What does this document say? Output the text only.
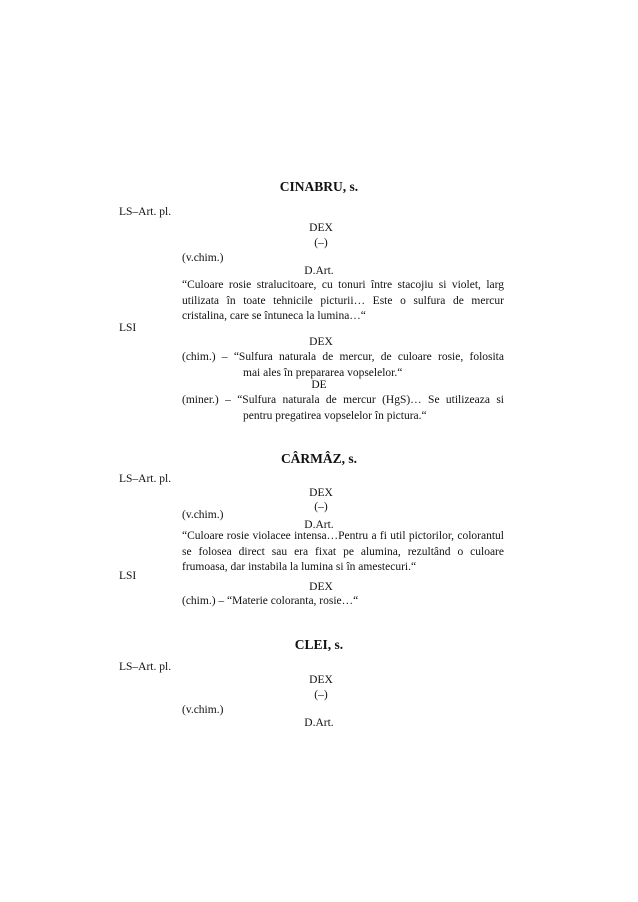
CINABRU, s.
LS–Art. pl.
DEX
(–)
(v.chim.)
D.Art.
“Culoare rosie stralucitoare, cu tonuri între stacojiu si violet, larg utilizata în toate tehnicile picturii… Este o sulfura de mercur cristalina, care se întuneca la lumina…“
LSI
DEX
(chim.) – “Sulfura naturala de mercur, de culoare rosie, folosita
mai ales în prepararea vopselelor.“
DE
(miner.) – “Sulfura naturala de mercur (HgS)… Se utilizeaza si
pentru pregatirea vopselelor în pictura.“
CÂRMÂZ, s.
LS–Art. pl.
DEX
(–)
(v.chim.)
D.Art.
“Culoare rosie violacee intensa…Pentru a fi util pictorilor, colorantul se folosea direct sau era fixat pe alumina, rezultând o culoare frumoasa, dar instabila la lumina si în amestecuri.“
LSI
DEX
(chim.) – “Materie coloranta, rosie…“
CLEI, s.
LS–Art. pl.
DEX
(–)
(v.chim.)
D.Art.
